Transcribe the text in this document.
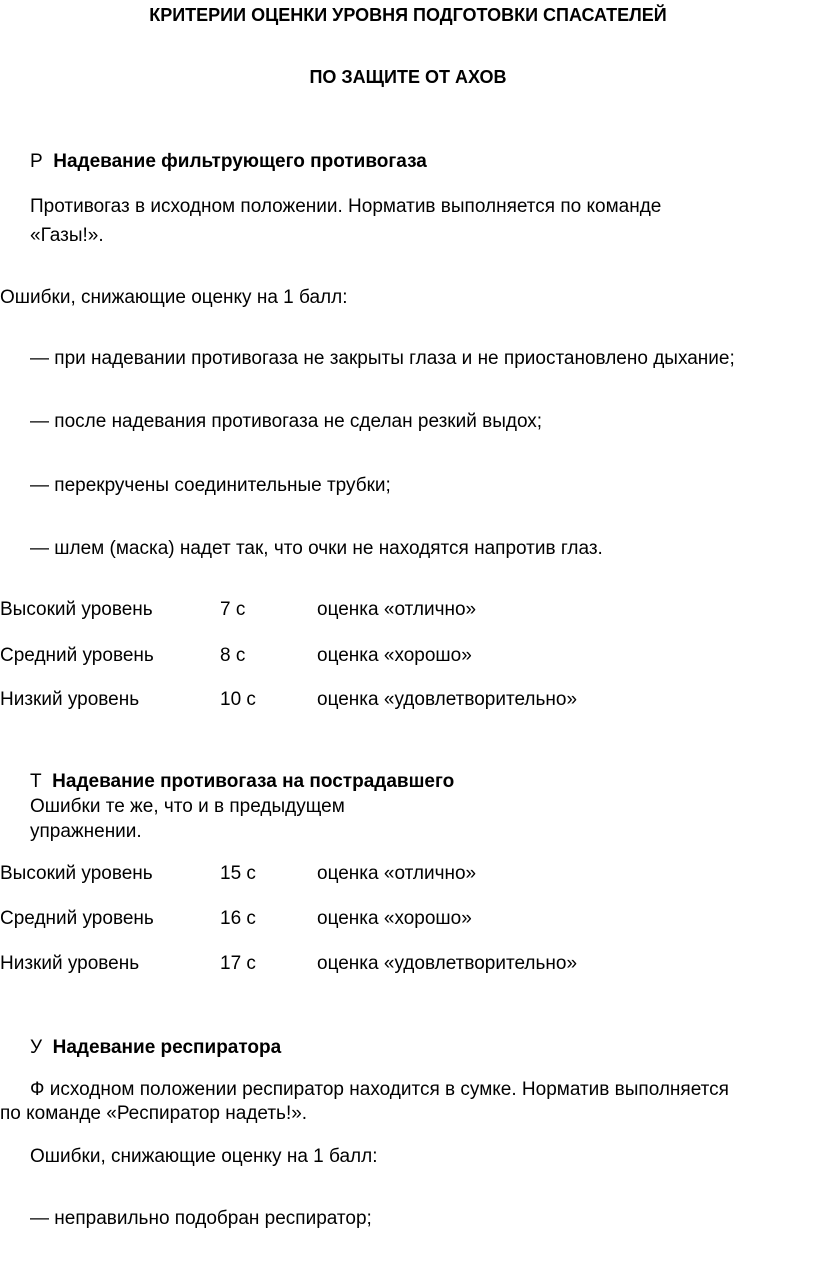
КРИТЕРИИ ОЦЕНКИ УРОВНЯ ПОДГОТОВКИ СПАСАТЕЛЕЙ
ПО ЗАЩИТЕ ОТ АХОВ
Р Надевание фильтрующего противогаза
Противогаз в исходном положении. Норматив выполняется по команде
«Газы!».
Ошибки, снижающие оценку на 1 балл:
— при надевании противогаза не закрыты глаза и не приостановлено дыхание;
— после надевания противогаза не сделан резкий выдох;
— перекручены соединительные трубки;
— шлем (маска) надет так, что очки не находятся напротив глаз.
Высокий уровень	7 с	оценка «отлично»
Средний уровень	8 с	оценка «хорошо»
Низкий уровень	10 с	оценка «удовлетворительно»
Т Надевание противогаза на пострадавшего
Ошибки те же, что и в предыдущем
упражнении.
Высокий уровень	15 с	оценка «отлично»
Средний уровень	16 с	оценка «хорошо»
Низкий уровень	17 с	оценка «удовлетворительно»
У Надевание респиратора
Ф исходном положении респиратор находится в сумке. Норматив выполняется
по команде «Респиратор надеть!».
Ошибки, снижающие оценку на 1 балл:
— неправильно подобран респиратор;
